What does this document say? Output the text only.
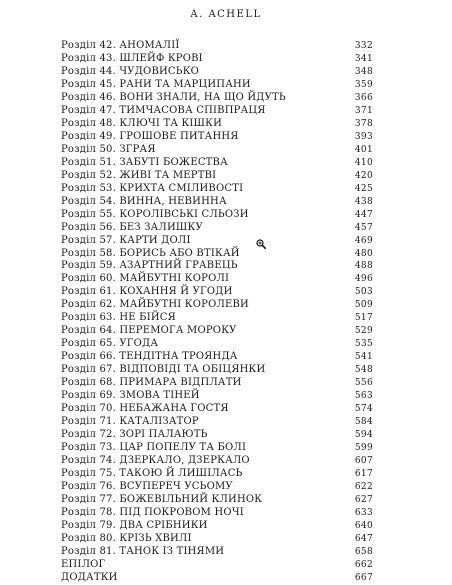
A. ACHELL
Розділ 42. АНОМАЛІЇ	332
Розділ 43. ШЛЕЙФ КРОВІ	341
Розділ 44. ЧУДОВИСЬКО	348
Розділ 45. РАНИ ТА МАРЦИПАНИ	359
Розділ 46. ВОНИ ЗНАЛИ, НА ЩО ЙДУТЬ	366
Розділ 47. ТИМЧАСОВА СПІВПРАЦЯ	371
Розділ 48. КЛЮЧІ ТА КІШКИ	378
Розділ 49. ГРОШОВЕ ПИТАННЯ	393
Розділ 50. ЗГРАЯ	401
Розділ 51. ЗАБУТІ БОЖЕСТВА	410
Розділ 52. ЖИВІ ТА МЕРТВІ	420
Розділ 53. КРИХТА СМІЛИВОСТІ	425
Розділ 54. ВИННА, НЕВИННА	438
Розділ 55. КОРОЛІВСЬКІ СЛЬОЗИ	447
Розділ 56. БЕЗ ЗАЛИШКУ	457
Розділ 57. КАРТИ ДОЛІ	469
Розділ 58. БОРИСЬ АБО ВТІКАЙ	480
Розділ 59. АЗАРТНИЙ ГРАВЕЦЬ	488
Розділ 60. МАЙБУТНІ КОРОЛІ	496
Розділ 61. КОХАННЯ Й УГОДИ	503
Розділ 62. МАЙБУТНІ КОРОЛЕВИ	509
Розділ 63. НЕ БІЙСЯ	517
Розділ 64. ПЕРЕМОГА МОРОКУ	529
Розділ 65. УГОДА	535
Розділ 66. ТЕНДІТНА ТРОЯНДА	541
Розділ 67. ВІДПОВІДІ ТА ОБІЦЯНКИ	548
Розділ 68. ПРИМАРА ВІДПЛАТИ	556
Розділ 69. ЗМОВА ТІНЕЙ	563
Розділ 70. НЕБАЖАНА ГОСТЯ	574
Розділ 71. КАТАЛІЗАТОР	584
Розділ 72. ЗОРІ ПАЛАЮТЬ	594
Розділ 73. ЦАР ПОПЕЛУ ТА БОЛІ	599
Розділ 74. ДЗЕРКАЛО, ДЗЕРКАЛО	607
Розділ 75. ТАКОЮ Й ЛИШІЛАСЬ	617
Розділ 76. ВСУПЕРЕЧ УСЬОМУ	622
Розділ 77. БОЖЕВІЛЬНИЙ КЛИНОК	627
Розділ 78. ПІД ПОКРОВОМ НОЧІ	633
Розділ 79. ДВА СРІБНИКИ	640
Розділ 80. КРІЗЬ ХВИЛІ	647
Розділ 81. ТАНОК ІЗ ТІНЯМИ	658
ЕПІЛОГ	662
ДОДАТКИ	667
